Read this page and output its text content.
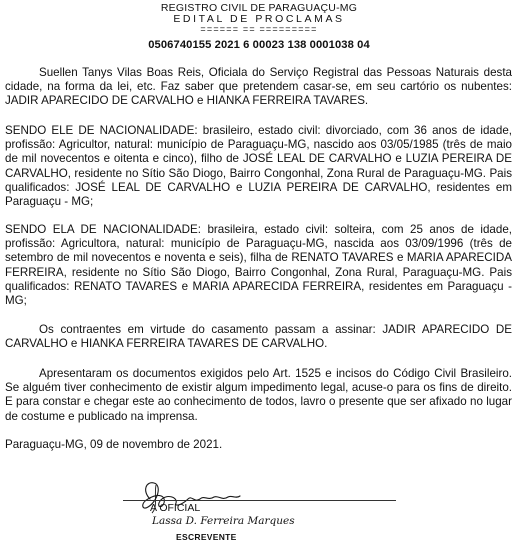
REGISTRO CIVIL DE PARAGUAÇU-MG
EDITAL DE PROCLAMAS
====== == =========
0506740155 2021 6 00023 138 0001038 04
Suellen Tanys Vilas Boas Reis, Oficiala do Serviço Registral das Pessoas Naturais desta cidade, na forma da lei, etc. Faz saber que pretendem casar-se, em seu cartório os nubentes: JADIR APARECIDO DE CARVALHO e HIANKA FERREIRA TAVARES.
SENDO ELE DE NACIONALIDADE: brasileiro, estado civil: divorciado, com 36 anos de idade, profissão: Agricultor, natural: município de Paraguaçu-MG, nascido aos 03/05/1985 (três de maio de mil novecentos e oitenta e cinco), filho de JOSÉ LEAL DE CARVALHO e LUZIA PEREIRA DE CARVALHO, residente no Sítio São Diogo, Bairro Congonhal, Zona Rural de Paraguaçu-MG. Pais qualificados: JOSÉ LEAL DE CARVALHO e LUZIA PEREIRA DE CARVALHO, residentes em Paraguaçu - MG;
SENDO ELA DE NACIONALIDADE: brasileira, estado civil: solteira, com 25 anos de idade, profissão: Agricultora, natural: município de Paraguaçu-MG, nascida aos 03/09/1996 (três de setembro de mil novecentos e noventa e seis), filha de RENATO TAVARES e MARIA APARECIDA FERREIRA, residente no Sítio São Diogo, Bairro Congonhal, Zona Rural, Paraguaçu-MG. Pais qualificados: RENATO TAVARES e MARIA APARECIDA FERREIRA, residentes em Paraguaçu - MG;
Os contraentes em virtude do casamento passam a assinar: JADIR APARECIDO DE CARVALHO e HIANKA FERREIRA TAVARES DE CARVALHO.
Apresentaram os documentos exigidos pelo Art. 1525 e incisos do Código Civil Brasileiro. Se alguém tiver conhecimento de existir algum impedimento legal, acuse-o para os fins de direito. E para constar e chegar este ao conhecimento de todos, lavro o presente que ser afixado no lugar de costume e publicado na imprensa.
Paraguaçu-MG, 09 de novembro de 2021.
A OFICIAL
Lassa D. Ferreira Marques
ESCREVENTE
